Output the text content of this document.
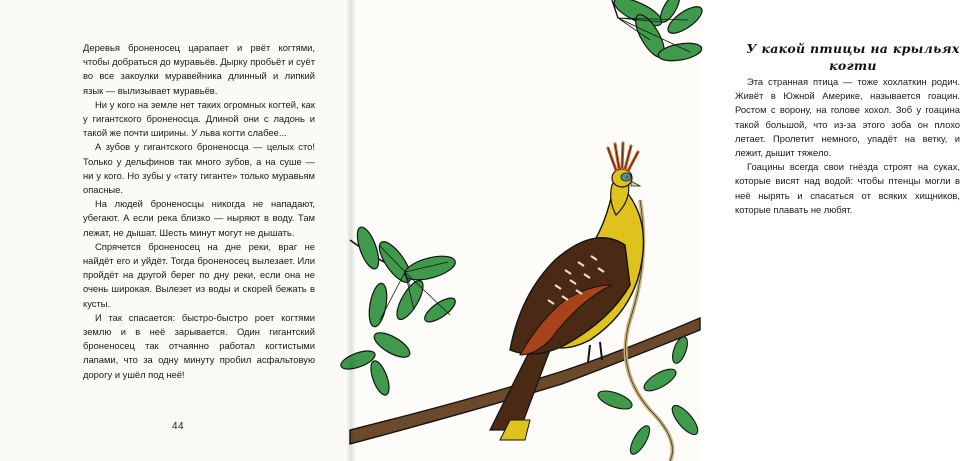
Деревья броненосец царапает и рвёт когтями, чтобы добраться до муравьёв. Дырку пробьёт и суёт во все закоулки муравейника длинный и липкий язык — вылизывает муравьёв.

Ни у кого на земле нет таких огромных когтей, как у гигантского броненосца. Длиной они с ладонь и такой же почти ширины. У льва когти слабее...

А зубов у гигантского броненосца — целых сто! Только у дельфинов так много зубов, а на суше — ни у кого. Но зубы у «тату гиганте» только муравьям опасные.

На людей броненосцы никогда не нападают, убегают. А если река близко — ныряют в воду. Там лежат, не дышат. Шесть минут могут не дышать.

Спрячется броненосец на дне реки, враг не найдёт его и уйдёт. Тогда броненосец вылезает. Или пройдёт на другой берег по дну реки, если она не очень широкая. Вылезет из воды и скорей бежать в кусты.

И так спасается: быстро-быстро роет когтями землю и в неё зарывается. Один гигантский броненосец так отчаянно работал когтистыми лапами, что за одну минуту пробил асфальтовую дорогу и ушёл под неё!

44
У какой птицы на крыльях
когти

Эта странная птица — тоже хохлаткин родич. Живёт в Южной Америке, называется гоацин. Ростом с ворону, на голове хохол. Зоб у гоацина такой большой, что из-за этого зоба он плохо летает. Пролетит немного, упадёт на ветку, и лежит, дышит тяжело.

Гоацины всегда свои гнёзда строят на суках, которые висят над водой: чтобы птенцы могли в неё нырять и спасаться от всяких хищников, которые плавать не любят.
